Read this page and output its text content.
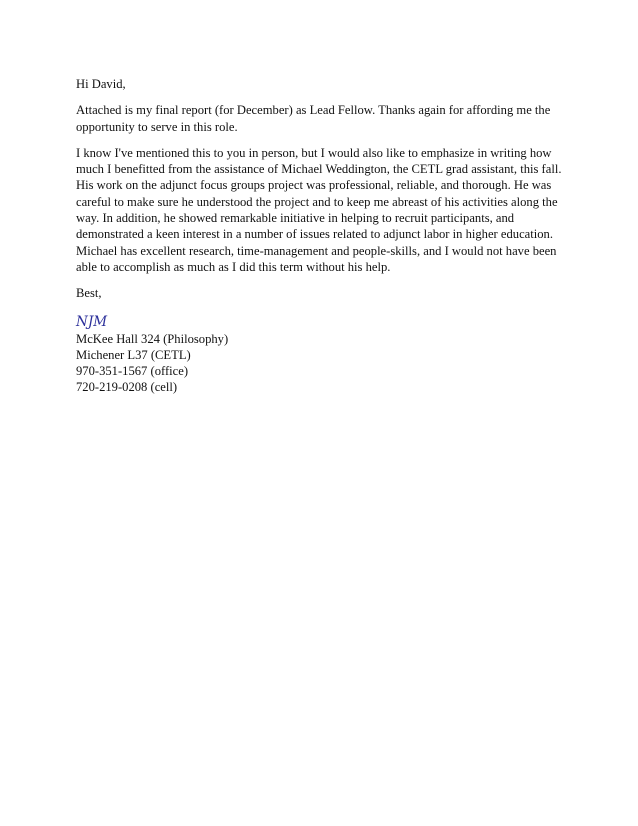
Hi David,
Attached is my final report (for December) as Lead Fellow. Thanks again for affording me the
opportunity to serve in this role.
I know I've mentioned this to you in person, but I would also like to emphasize in writing how
much I benefitted from the assistance of Michael Weddington, the CETL grad assistant, this fall.
His work on the adjunct focus groups project was professional, reliable, and thorough. He was
careful to make sure he understood the project and to keep me abreast of his activities along the
way. In addition, he showed remarkable initiative in helping to recruit participants, and
demonstrated a keen interest in a number of issues related to adjunct labor in higher education.
Michael has excellent research, time-management and people-skills, and I would not have been
able to accomplish as much as I did this term without his help.
Best,
NJM
McKee Hall 324 (Philosophy)
Michener L37 (CETL)
970-351-1567 (office)
720-219-0208 (cell)
